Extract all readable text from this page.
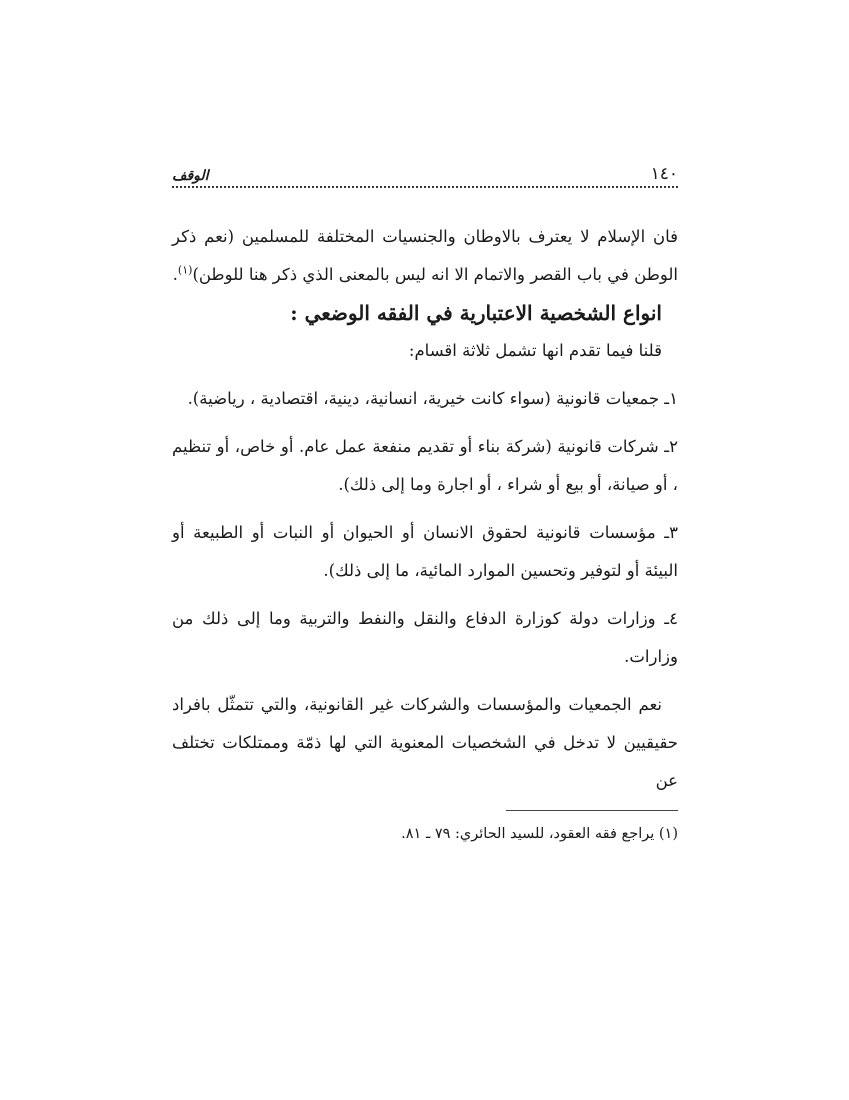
١٤٠
الوقف

فان الإسلام لا يعترف بالاوطان والجنسيات المختلفة للمسلمين (نعم ذكر الوطن في باب القصر والاتمام الا انه ليس بالمعنى الذي ذكر هنا للوطن)$^{(١)}$.

انواع الشخصية الاعتبارية في الفقه الوضعي :

قلنا فيما تقدم انها تشمل ثلاثة اقسام:

١ـ جمعيات قانونية (سواء كانت خيرية، انسانية، دينية، اقتصادية ، رياضية).

٢ـ شركات قانونية (شركة بناء أو تقديم منفعة عمل عام. أو خاص، أو تنظيم ، أو صيانة، أو بيع أو شراء ، أو اجارة وما إلى ذلك).

٣ـ مؤسسات قانونية لحقوق الانسان أو الحيوان أو النبات أو الطبيعة أو البيئة أو لتوفير وتحسين الموارد المائية، ما إلى ذلك).

٤ـ وزارات دولة كوزارة الدفاع والنقل والنفط والتربية وما إلى ذلك من وزارات.

نعم الجمعيات والمؤسسات والشركات غير القانونية، والتي تتمثّل بافراد حقيقيين لا تدخل في الشخصيات المعنوية التي لها ذمّة وممتلكات تختلف عن

(١) يراجع فقه العقود، للسيد الحائري: ٧٩ ـ ٨١.
